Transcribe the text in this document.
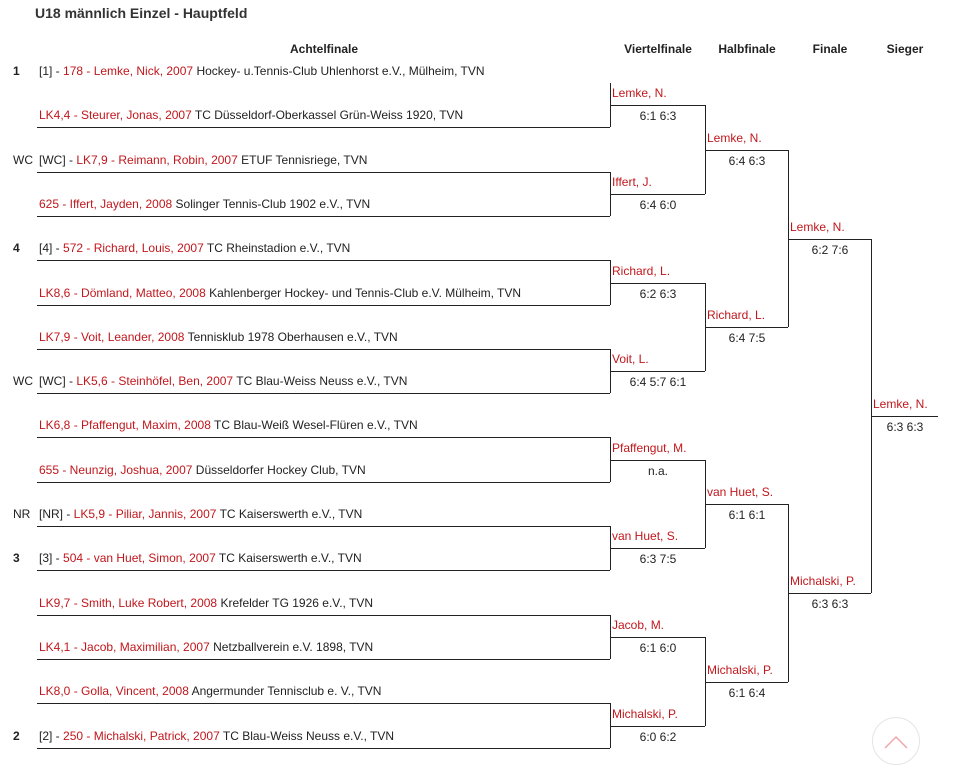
U18 männlich Einzel - Hauptfeld
Achtelfinale	Viertelfinale Halbfinale	Finale	Sieger
1 [1] - 178 - Lemke, Nick, 2007 Hockey- u.Tennis-Club Uhlenhorst e.V., Mülheim, TVN
LK4,4 - Steurer, Jonas, 2007 TC Düsseldorf-Oberkassel Grün-Weiss 1920, TVN
WC [WC] - LK7,9 - Reimann, Robin, 2007 ETUF Tennisriege, TVN
625 - Iffert, Jayden, 2008 Solinger Tennis-Club 1902 e.V., TVN
4 [4] - 572 - Richard, Louis, 2007 TC Rheinstadion e.V., TVN
LK8,6 - Dömland, Matteo, 2008 Kahlenberger Hockey- und Tennis-Club e.V. Mülheim, TVN
LK7,9 - Voit, Leander, 2008 Tennisklub 1978 Oberhausen e.V., TVN
WC [WC] - LK5,6 - Steinhöfel, Ben, 2007 TC Blau-Weiss Neuss e.V., TVN
LK6,8 - Pfaffengut, Maxim, 2008 TC Blau-Weiß Wesel-Flüren e.V., TVN
655 - Neunzig, Joshua, 2007 Düsseldorfer Hockey Club, TVN
NR [NR] - LK5,9 - Piliar, Jannis, 2007 TC Kaiserswerth e.V., TVN
3 [3] - 504 - van Huet, Simon, 2007 TC Kaiserswerth e.V., TVN
LK9,7 - Smith, Luke Robert, 2008 Krefelder TG 1926 e.V., TVN
LK4,1 - Jacob, Maximilian, 2007 Netzballverein e.V. 1898, TVN
LK8,0 - Golla, Vincent, 2008 Angermunder Tennisclub e. V., TVN
2 [2] - 250 - Michalski, Patrick, 2007 TC Blau-Weiss Neuss e.V., TVN
Lemke, N.
6:1 6:3
Iffert, J.
6:4 6:0
Richard, L.
6:2 6:3
Voit, L.
6:4 5:7 6:1
Pfaffengut, M.
n.a.
van Huet, S.
6:3 7:5
Jacob, M.
6:1 6:0
Michalski, P.
6:0 6:2
Lemke, N.
6:4 6:3
Richard, L.
6:4 7:5
van Huet, S.
6:1 6:1
Michalski, P.
6:1 6:4
Lemke, N.
6:2 7:6
Michalski, P.
6:3 6:3
Lemke, N.
6:3 6:3
